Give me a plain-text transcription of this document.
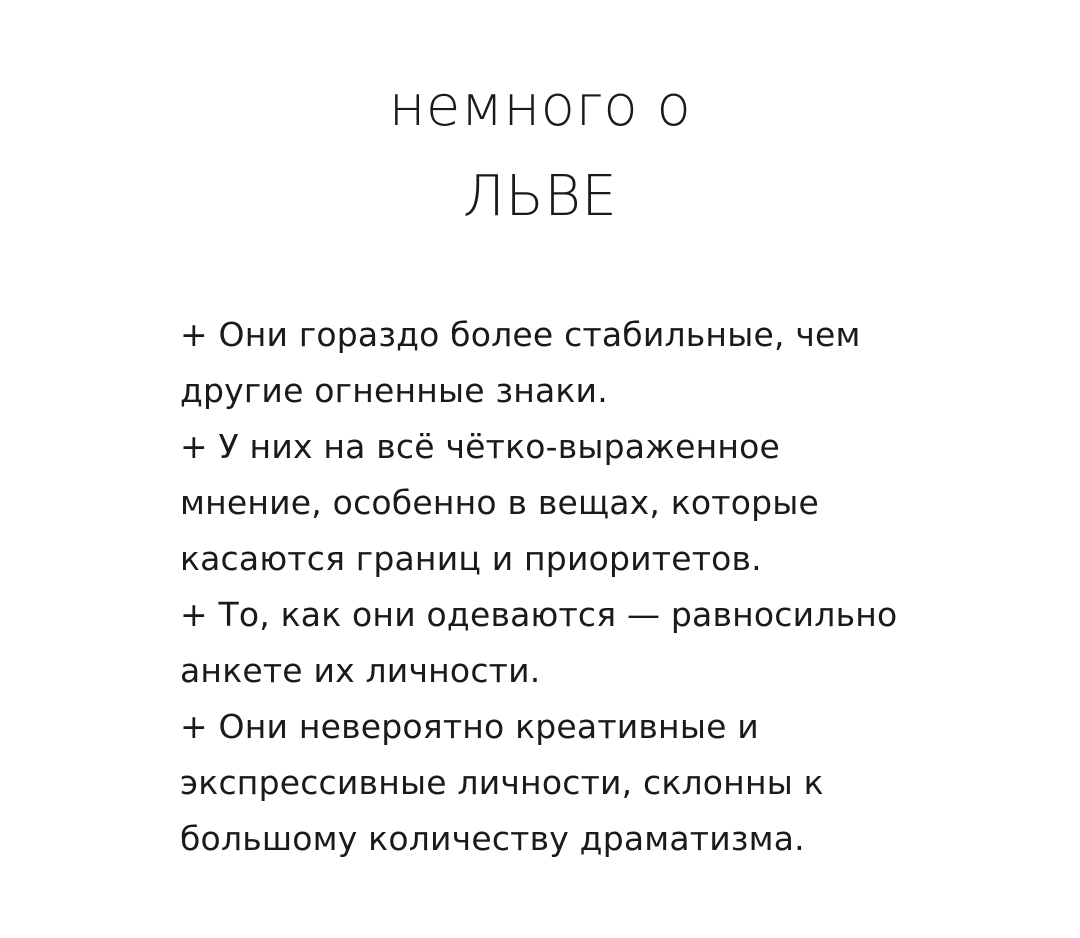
немного о
ЛЬВЕ

+ Они гораздо более стабильные, чем
другие огненные знаки.

+ У них на всё чётко-выраженное
мнение, особенно в вещах, которые
касаются границ и приоритетов.

+ То, как они одеваются — равносильно
анкете их личности.

+ Они невероятно креативные и
экспрессивные личности, склонны к
большому количеству драматизма.
